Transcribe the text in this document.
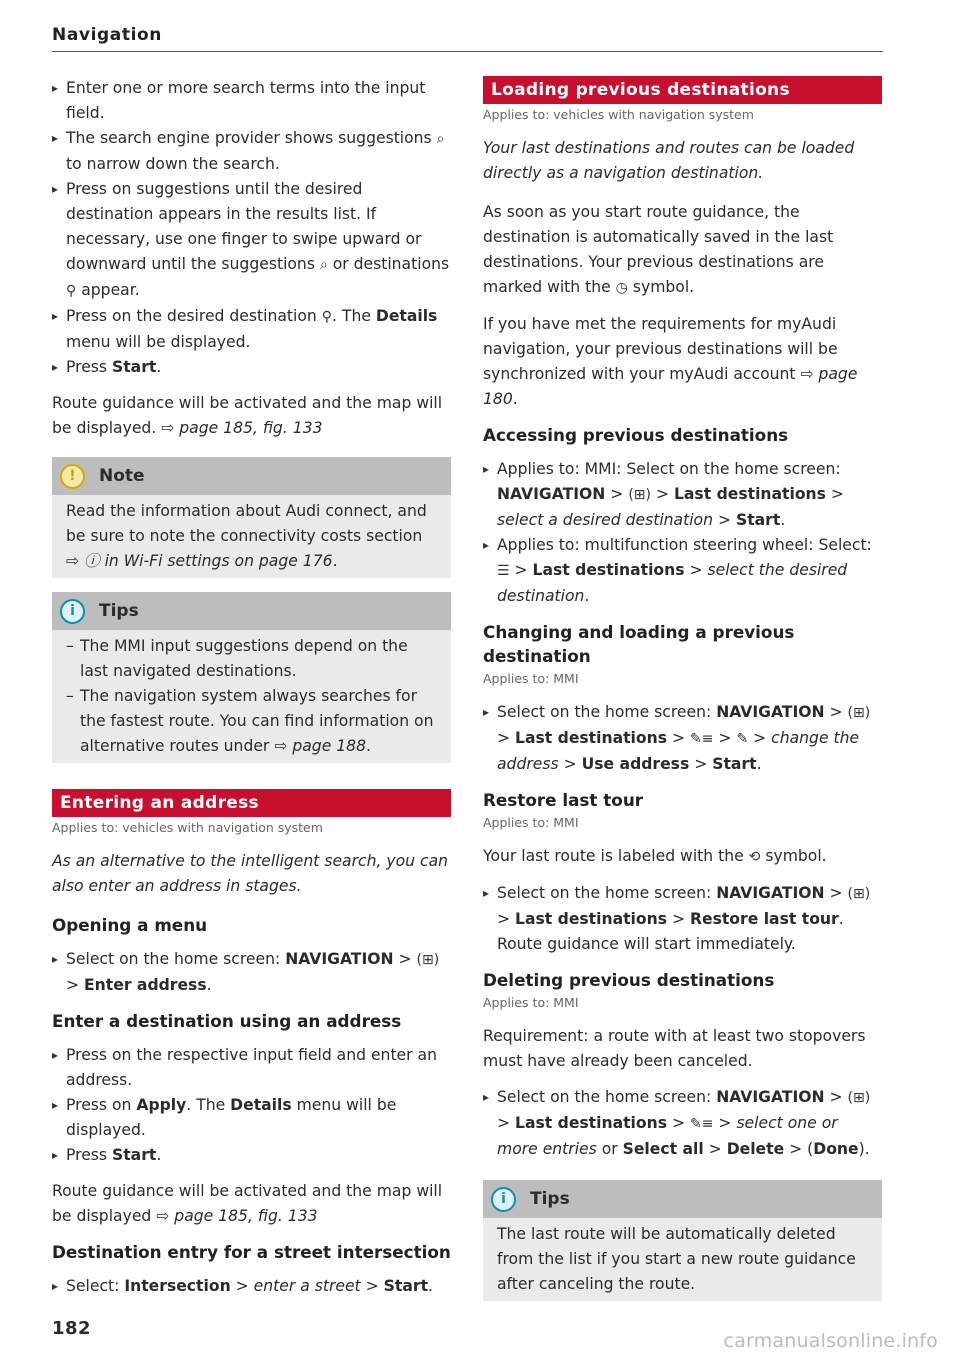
Navigation
▸ Enter one or more search terms into the input field.
▸ The search engine provider shows suggestions ⌕ to narrow down the search.
▸ Press on suggestions until the desired destination appears in the results list. If necessary, use one finger to swipe upward or downward until the suggestions ⌕ or destinations ⚲ appear.
▸ Press on the desired destination ⚲. The Details menu will be displayed.
▸ Press Start.

Route guidance will be activated and the map will be displayed. ⇨ page 185, fig. 133

!	Note
Read the information about Audi connect, and be sure to note the connectivity costs section ⇨ ⓘ in Wi-Fi settings on page 176.
i	Tips
– The MMI input suggestions depend on the last navigated destinations.
– The navigation system always searches for the fastest route. You can find information on alternative routes under ⇨ page 188.
Entering an address
Applies to: vehicles with navigation system

As an alternative to the intelligent search, you can also enter an address in stages.

Opening a menu
▸ Select on the home screen: NAVIGATION > (⊞) > Enter address.
Enter a destination using an address
▸ Press on the respective input field and enter an address.
▸ Press on Apply. The Details menu will be displayed.
▸ Press Start.

Route guidance will be activated and the map will be displayed ⇨ page 185, fig. 133

Destination entry for a street intersection
▸ Select: Intersection > enter a street > Start.
Loading previous destinations
Applies to: vehicles with navigation system

Your last destinations and routes can be loaded directly as a navigation destination.

As soon as you start route guidance, the destination is automatically saved in the last destinations. Your previous destinations are marked with the ◷ symbol.

If you have met the requirements for myAudi navigation, your previous destinations will be synchronized with your myAudi account ⇨ page 180.

Accessing previous destinations
▸ Applies to: MMI: Select on the home screen: NAVIGATION > (⊞) > Last destinations > select a desired destination > Start.
▸ Applies to: multifunction steering wheel: Select: ☰ > Last destinations > select the desired destination.
Changing and loading a previous destination
Applies to: MMI
▸ Select on the home screen: NAVIGATION > (⊞) > Last destinations > ✎≡ > ✎ > change the address > Use address > Start.
Restore last tour
Applies to: MMI

Your last route is labeled with the ⟲ symbol.

▸ Select on the home screen: NAVIGATION > (⊞) > Last destinations > Restore last tour. Route guidance will start immediately.
Deleting previous destinations
Applies to: MMI

Requirement: a route with at least two stopovers must have already been canceled.

▸ Select on the home screen: NAVIGATION > (⊞) > Last destinations > ✎≡ > select one or more entries or Select all > Delete > (Done).
i	Tips
The last route will be automatically deleted from the list if you start a new route guidance after canceling the route.
182
carmanualsonline.info
